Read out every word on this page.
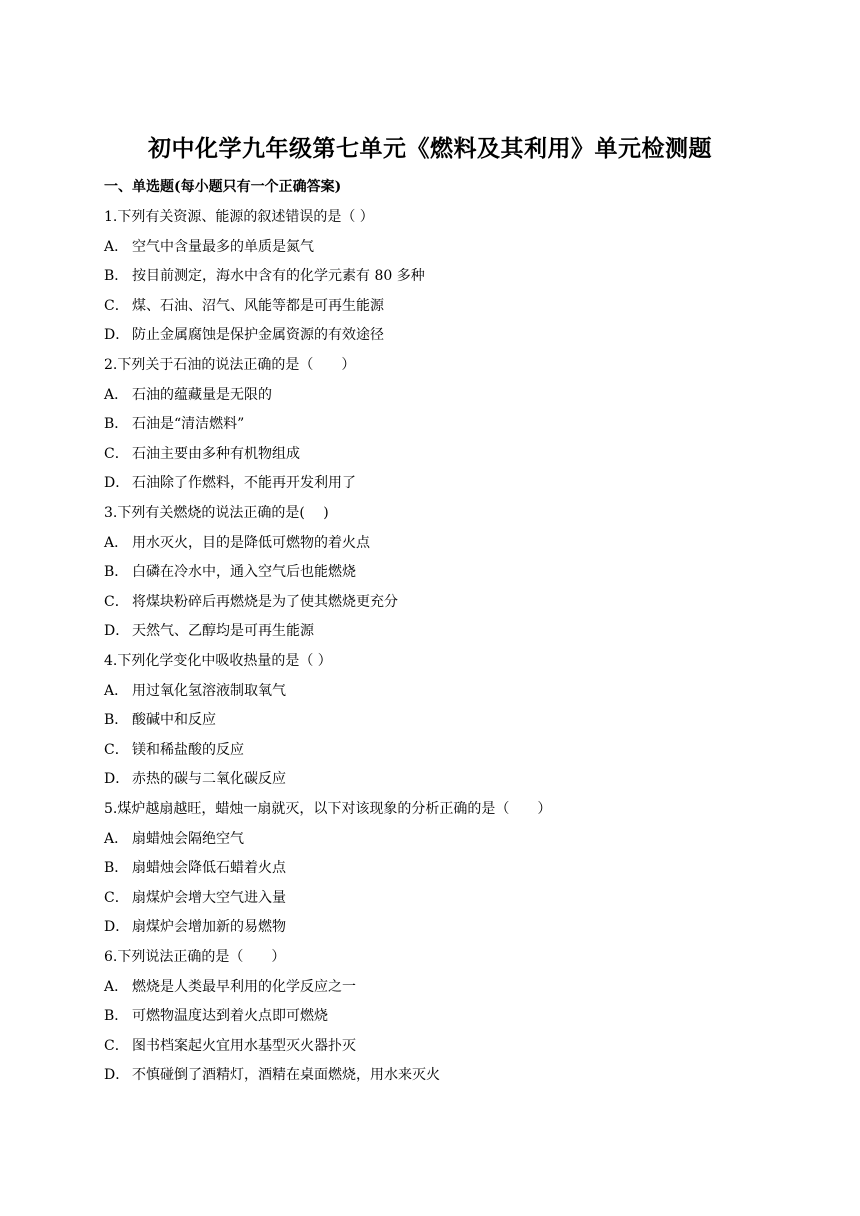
初中化学九年级第七单元《燃料及其利用》单元检测题
一、单选题(每小题只有一个正确答案)
1.下列有关资源、能源的叙述错误的是（ ）
A． 空气中含量最多的单质是氮气
B． 按目前测定，海水中含有的化学元素有 80 多种
C． 煤、石油、沼气、风能等都是可再生能源
D． 防止金属腐蚀是保护金属资源的有效途径
2.下列关于石油的说法正确的是（　　）
A． 石油的蕴藏量是无限的
B． 石油是“清洁燃料”
C． 石油主要由多种有机物组成
D． 石油除了作燃料，不能再开发利用了
3.下列有关燃烧的说法正确的是(　 )
A． 用水灭火，目的是降低可燃物的着火点
B． 白磷在冷水中，通入空气后也能燃烧
C． 将煤块粉碎后再燃烧是为了使其燃烧更充分
D． 天然气、乙醇均是可再生能源
4.下列化学变化中吸收热量的是（ ）
A． 用过氧化氢溶液制取氧气
B． 酸碱中和反应
C． 镁和稀盐酸的反应
D． 赤热的碳与二氧化碳反应
5.煤炉越扇越旺，蜡烛一扇就灭，以下对该现象的分析正确的是（　　）
A． 扇蜡烛会隔绝空气
B． 扇蜡烛会降低石蜡着火点
C． 扇煤炉会增大空气进入量
D． 扇煤炉会增加新的易燃物
6.下列说法正确的是（　　）
A． 燃烧是人类最早利用的化学反应之一
B． 可燃物温度达到着火点即可燃烧
C． 图书档案起火宜用水基型灭火器扑灭
D． 不慎碰倒了酒精灯，酒精在桌面燃烧，用水来灭火
